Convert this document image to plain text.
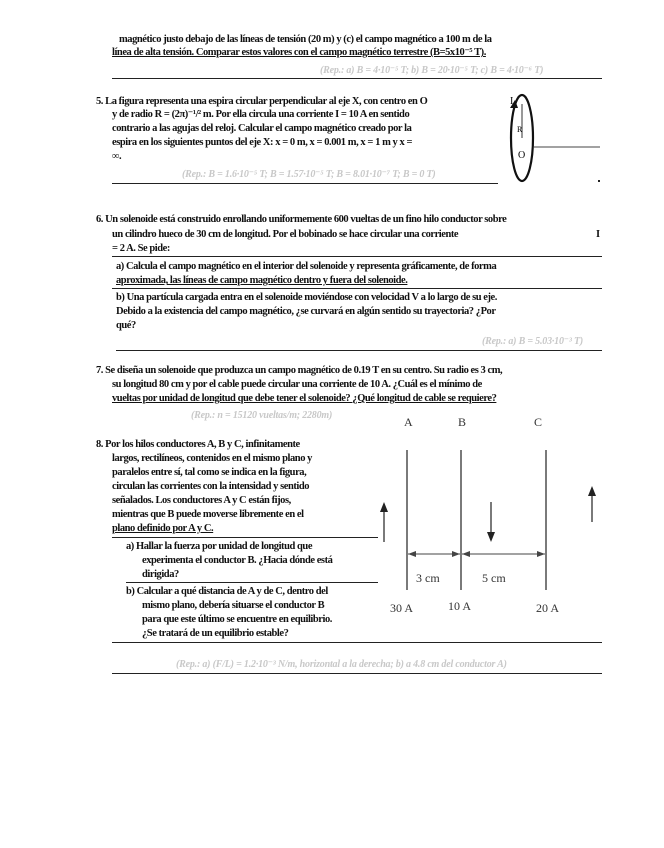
magnético justo debajo de las líneas de tensión (20 m) y (c) el campo magnético a 100 m de la
línea de alta tensión. Comparar estos valores con el campo magnético terrestre (B=5x10⁻⁵ T).
(Rep.: a) B = 4·10⁻⁵ T; b) B = 20·10⁻⁵ T; c) B = 4·10⁻⁶ T)
5. La figura representa una espira circular perpendicular al eje X, con centro en O
y de radio R = (2π)⁻¹/² m. Por ella circula una corriente I = 10 A en sentido
contrario a las agujas del reloj. Calcular el campo magnético creado por la
espira en los siguientes puntos del eje X: x = 0 m, x = 0.001 m, x = 1 m y x =
∞.
(Rep.: B = 1.6·10⁻⁵ T; B = 1.57·10⁻⁵ T; B = 8.01·10⁻⁷ T; B = 0 T)
I
R
O
6. Un solenoide está construido enrollando uniformemente 600 vueltas de un fino hilo conductor sobre
un cilindro hueco de 30 cm de longitud. Por el bobinado se hace circular una corriente	I
= 2 A. Se pide:
a) Calcula el campo magnético en el interior del solenoide y representa gráficamente, de forma
aproximada, las líneas de campo magnético dentro y fuera del solenoide.
b) Una partícula cargada entra en el solenoide moviéndose con velocidad V a lo largo de su eje.
Debido a la existencia del campo magnético, ¿se curvará en algún sentido su trayectoria? ¿Por
qué?
(Rep.: a) B = 5.03·10⁻³ T)
7. Se diseña un solenoide que produzca un campo magnético de 0.19 T en su centro. Su radio es 3 cm,
su longitud 80 cm y por el cable puede circular una corriente de 10 A. ¿Cuál es el mínimo de
vueltas por unidad de longitud que debe tener el solenoide? ¿Qué longitud de cable se requiere?
(Rep.: n = 15120 vueltas/m; 2280m)
8. Por los hilos conductores A, B y C, infinitamente
largos, rectilíneos, contenidos en el mismo plano y
paralelos entre sí, tal como se indica en la figura,
circulan las corrientes con la intensidad y sentido
señalados. Los conductores A y C están fijos,
mientras que B puede moverse libremente en el
plano definido por A y C.
a) Hallar la fuerza por unidad de longitud que
experimenta el conductor B. ¿Hacia dónde está
dirigida?
b) Calcular a qué distancia de A y de C, dentro del
mismo plano, debería situarse el conductor B
para que este último se encuentre en equilibrio.
¿Se tratará de un equilibrio estable?
(Rep.: a) (F/L) = 1.2·10⁻³ N/m, horizontal a la derecha; b) a 4.8 cm del conductor A)
A	B	C
3 cm	5 cm
30 A	10 A	20 A
